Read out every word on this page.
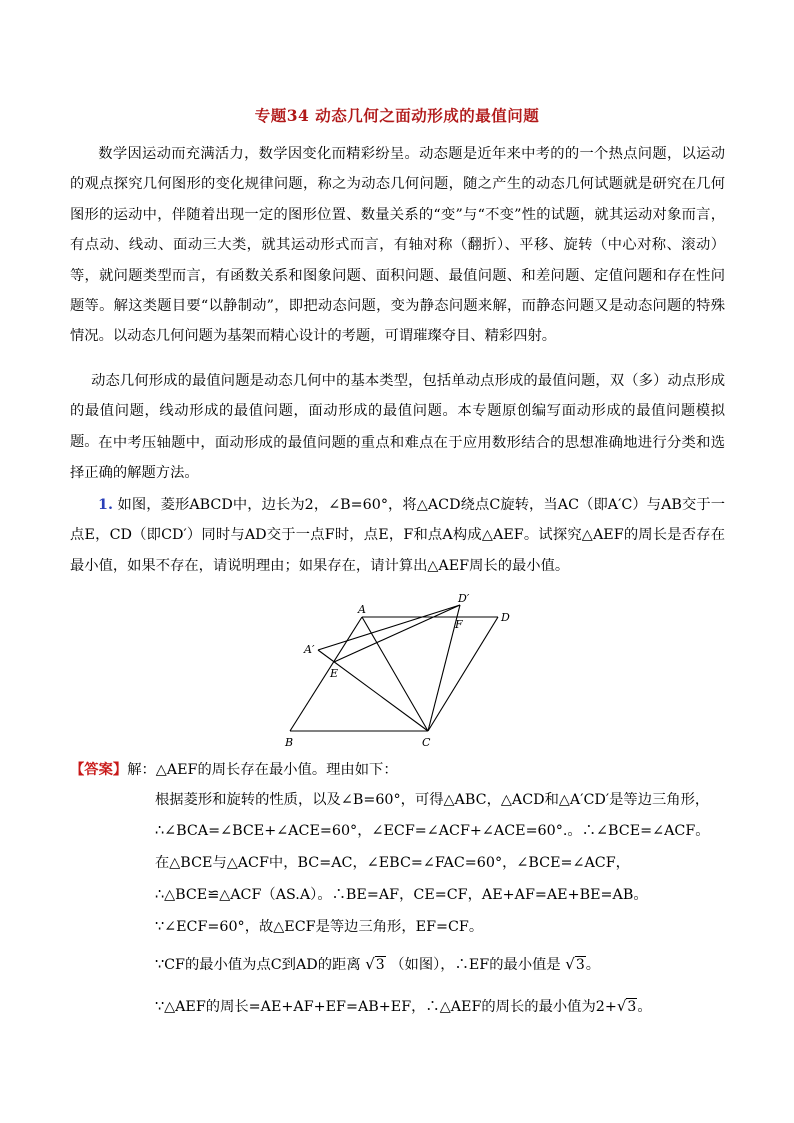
专题34 动态几何之面动形成的最值问题
数学因运动而充满活力，数学因变化而精彩纷呈。动态题是近年来中考的的一个热点问题，以运动的观点探究几何图形的变化规律问题，称之为动态几何问题，随之产生的动态几何试题就是研究在几何图形的运动中，伴随着出现一定的图形位置、数量关系的“变”与“不变”性的试题，就其运动对象而言，有点动、线动、面动三大类，就其运动形式而言，有轴对称（翻折）、平移、旋转（中心对称、滚动）等，就问题类型而言，有函数关系和图象问题、面积问题、最值问题、和差问题、定值问题和存在性问题等。解这类题目要“以静制动”，即把动态问题，变为静态问题来解，而静态问题又是动态问题的特殊情况。以动态几何问题为基架而精心设计的考题，可谓璀璨夺目、精彩四射。
动态几何形成的最值问题是动态几何中的基本类型，包括单动点形成的最值问题，双（多）动点形成的最值问题，线动形成的最值问题，面动形成的最值问题。本专题原创编写面动形成的最值问题模拟题。 在中考压轴题中，面动形成的最值问题的重点和难点在于应用数形结合的思想准确地进行分类和选择正确的解题方法。
1. 如图，菱形ABCD中，边长为2，∠B=60°，将△ACD绕点C旋转，当AC（即A′C）与AB交于一点E，CD（即CD′）同时与AD交于一点F时，点E，F和点A构成△AEF。试探究△AEF的周长是否存在最小值，如果不存在，请说明理由；如果存在，请计算出△AEF周长的最小值。
A
A′
B	C
D
D′
E
F
【答案】解：△AEF的周长存在最小值。理由如下：
根据菱形和旋转的性质，以及∠B=60°，可得△ABC，△ACD和△A′CD′是等边三角形，
∴∠BCA=∠BCE+∠ACE=60°，∠ECF=∠ACF+∠ACE=60°.。∴∠BCE=∠ACF。
在△BCE与△ACF中，BC=AC，∠EBC=∠FAC=60°，∠BCE=∠ACF，
∴△BCE≌△ACF（AS.A）。∴BE=AF，CE=CF，AE+AF=AE+BE=AB。
∵∠ECF=60°，故△ECF是等边三角形，EF=CF。
∵CF的最小值为点C到AD的距离 √3 （如图），∴EF的最小值是 √3。
∵△AEF的周长=AE+AF+EF=AB+EF，∴△AEF的周长的最小值为2+√3。
